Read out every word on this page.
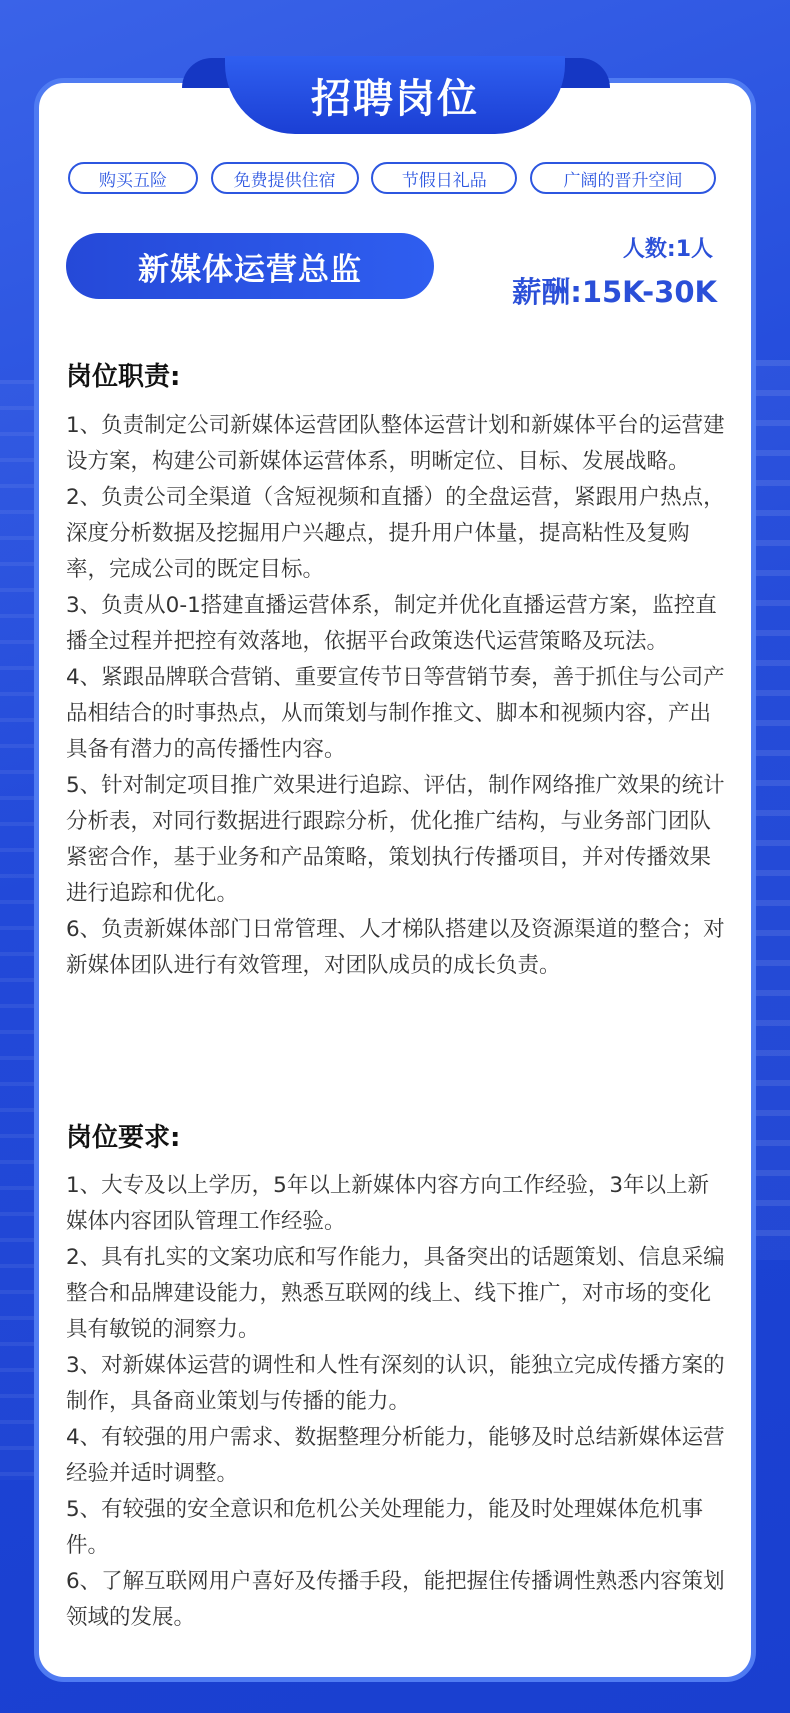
招聘岗位
购买五险	免费提供住宿	节假日礼品	广阔的晋升空间
新媒体运营总监
人数:1人
薪酬:15K-30K
岗位职责:

1、负责制定公司新媒体运营团队整体运营计划和新媒体平台的运营建设方案，构建公司新媒体运营体系，明晰定位、目标、发展战略。

2、负责公司全渠道（含短视频和直播）的全盘运营，紧跟用户热点，深度分析数据及挖掘用户兴趣点，提升用户体量，提高粘性及复购率，完成公司的既定目标。

3、负责从0-1搭建直播运营体系，制定并优化直播运营方案，监控直播全过程并把控有效落地，依据平台政策迭代运营策略及玩法。

4、紧跟品牌联合营销、重要宣传节日等营销节奏，善于抓住与公司产品相结合的时事热点，从而策划与制作推文、脚本和视频内容，产出具备有潜力的高传播性内容。

5、针对制定项目推广效果进行追踪、评估，制作网络推广效果的统计分析表，对同行数据进行跟踪分析，优化推广结构，与业务部门团队紧密合作，基于业务和产品策略，策划执行传播项目，并对传播效果进行追踪和优化。

6、负责新媒体部门日常管理、人才梯队搭建以及资源渠道的整合；对新媒体团队进行有效管理，对团队成员的成长负责。

岗位要求:

1、大专及以上学历，5年以上新媒体内容方向工作经验，3年以上新媒体内容团队管理工作经验。

2、具有扎实的文案功底和写作能力，具备突出的话题策划、信息采编整合和品牌建设能力，熟悉互联网的线上、线下推广，对市场的变化具有敏锐的洞察力。

3、对新媒体运营的调性和人性有深刻的认识，能独立完成传播方案的制作，具备商业策划与传播的能力。

4、有较强的用户需求、数据整理分析能力，能够及时总结新媒体运营经验并适时调整。

5、有较强的安全意识和危机公关处理能力，能及时处理媒体危机事件。

6、了解互联网用户喜好及传播手段，能把握住传播调性熟悉内容策划领域的发展。
